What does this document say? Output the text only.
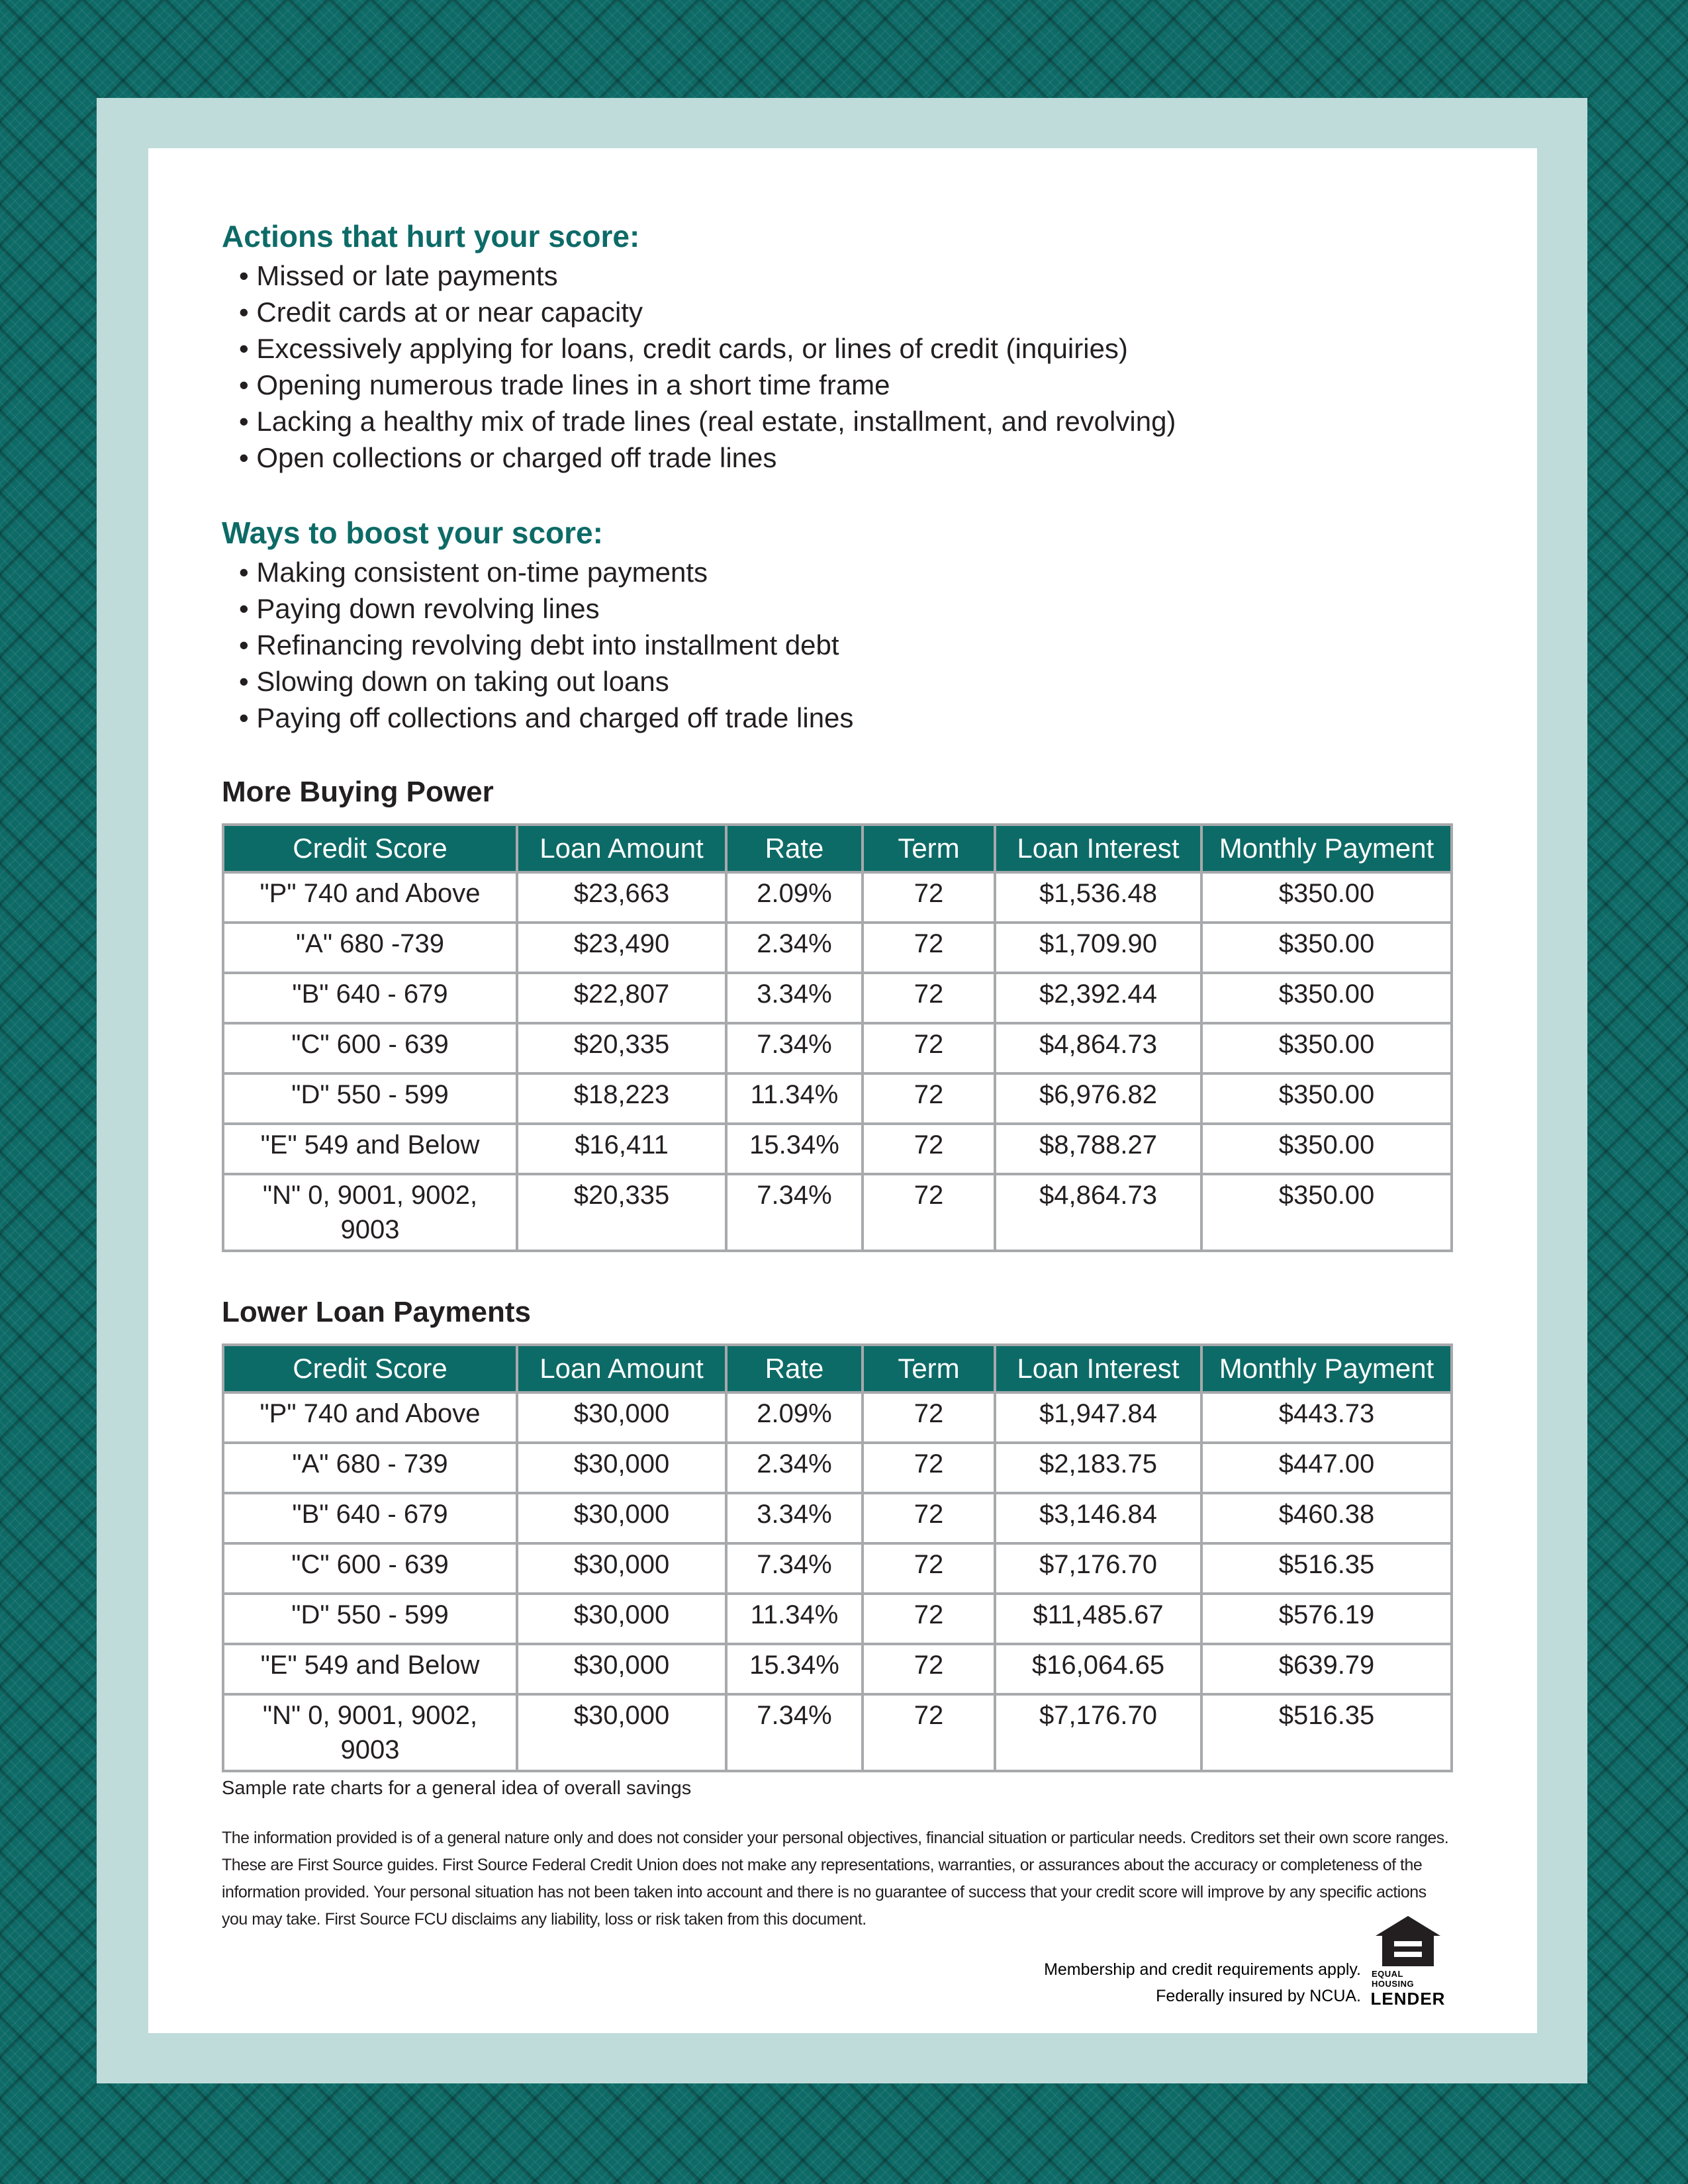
Actions that hurt your score:
• Missed or late payments
• Credit cards at or near capacity
• Excessively applying for loans, credit cards, or lines of credit (inquiries)
• Opening numerous trade lines in a short time frame
• Lacking a healthy mix of trade lines (real estate, installment, and revolving)
• Open collections or charged off trade lines
Ways to boost your score:
• Making consistent on-time payments
• Paying down revolving lines
• Refinancing revolving debt into installment debt
• Slowing down on taking out loans
• Paying off collections and charged off trade lines
More Buying Power
Credit Score	Loan Amount	Rate	Term	Loan Interest	Monthly Payment
"P" 740 and Above	$23,663	2.09%	72	$1,536.48	$350.00
"A" 680 -739	$23,490	2.34%	72	$1,709.90	$350.00
"B" 640 - 679	$22,807	3.34%	72	$2,392.44	$350.00
"C" 600 - 639	$20,335	7.34%	72	$4,864.73	$350.00
"D" 550 - 599	$18,223	11.34%	72	$6,976.82	$350.00
"E" 549 and Below	$16,411	15.34%	72	$8,788.27	$350.00
"N" 0, 9001, 9002, 9003	$20,335	7.34%	72	$4,864.73	$350.00
Lower Loan Payments
Credit Score	Loan Amount	Rate	Term	Loan Interest	Monthly Payment
"P" 740 and Above	$30,000	2.09%	72	$1,947.84	$443.73
"A" 680 - 739	$30,000	2.34%	72	$2,183.75	$447.00
"B" 640 - 679	$30,000	3.34%	72	$3,146.84	$460.38
"C" 600 - 639	$30,000	7.34%	72	$7,176.70	$516.35
"D" 550 - 599	$30,000	11.34%	72	$11,485.67	$576.19
"E" 549 and Below	$30,000	15.34%	72	$16,064.65	$639.79
"N" 0, 9001, 9002, 9003	$30,000	7.34%	72	$7,176.70	$516.35
Sample rate charts for a general idea of overall savings
The information provided is of a general nature only and does not consider your personal objectives, financial situation or particular needs. Creditors set their own score ranges. These are First Source guides. First Source Federal Credit Union does not make any representations, warranties, or assurances about the accuracy or completeness of the information provided. Your personal situation has not been taken into account and there is no guarantee of success that your credit score will improve by any specific actions you may take. First Source FCU disclaims any liability, loss or risk taken from this document.
Membership and credit requirements apply.
Federally insured by NCUA.
EQUAL HOUSING
LENDER
